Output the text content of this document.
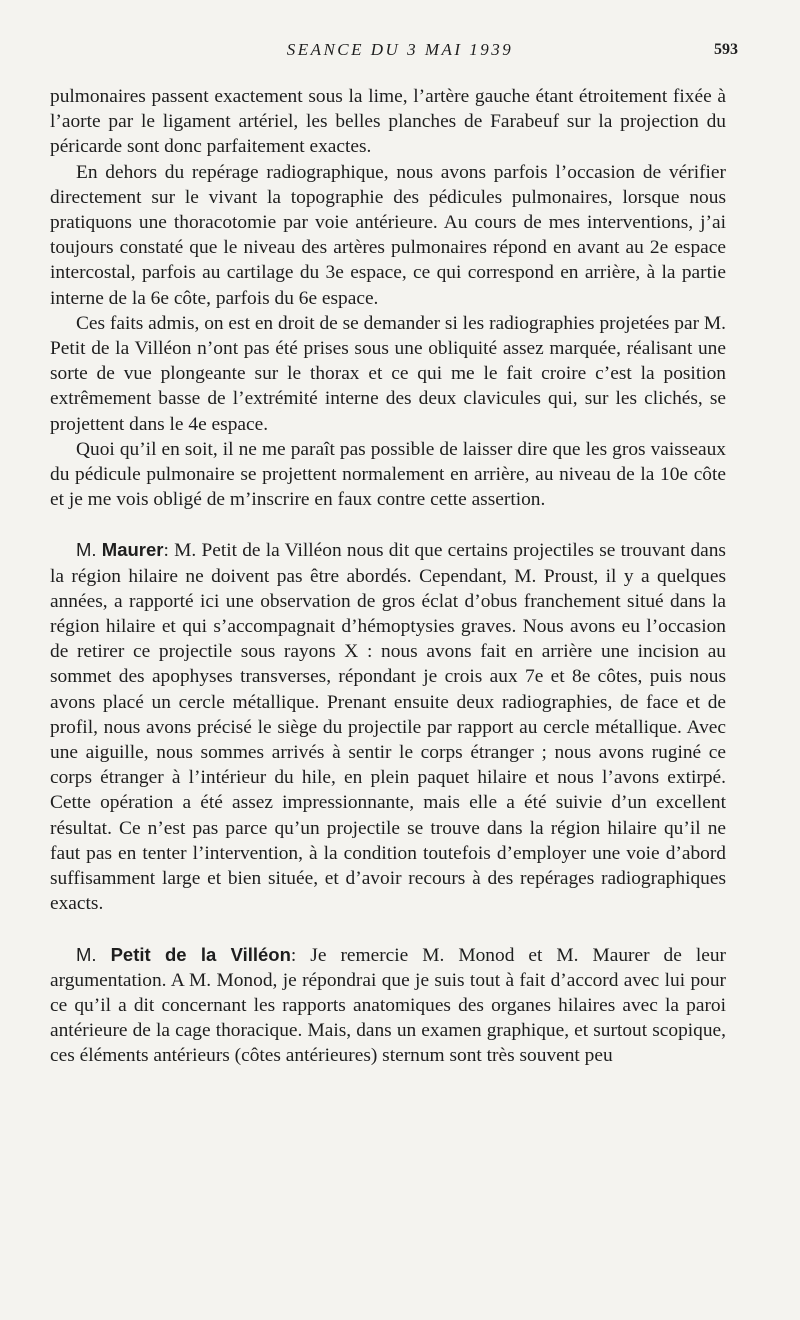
SEANCE DU 3 MAI 1939	593

pulmonaires passent exactement sous la lime, l’artère gauche étant étroitement fixée à l’aorte par le ligament artériel, les belles planches de Farabeuf sur la projection du péricarde sont donc parfaitement exactes.

En dehors du repérage radiographique, nous avons parfois l’occasion de vérifier directement sur le vivant la topographie des pédicules pulmonaires, lorsque nous pratiquons une thoracotomie par voie antérieure. Au cours de mes interventions, j’ai toujours constaté que le niveau des artères pulmonaires répond en avant au 2e espace intercostal, parfois au cartilage du 3e espace, ce qui correspond en arrière, à la partie interne de la 6e côte, parfois du 6e espace.

Ces faits admis, on est en droit de se demander si les radiographies projetées par M. Petit de la Villéon n’ont pas été prises sous une obliquité assez marquée, réalisant une sorte de vue plongeante sur le thorax et ce qui me le fait croire c’est la position extrêmement basse de l’extrémité interne des deux clavicules qui, sur les clichés, se projettent dans le 4e espace.

Quoi qu’il en soit, il ne me paraît pas possible de laisser dire que les gros vaisseaux du pédicule pulmonaire se projettent normalement en arrière, au niveau de la 10e côte et je me vois obligé de m’inscrire en faux contre cette assertion.

M. Maurer: M. Petit de la Villéon nous dit que certains projectiles se trouvant dans la région hilaire ne doivent pas être abordés. Cependant, M. Proust, il y a quelques années, a rapporté ici une observation de gros éclat d’obus franchement situé dans la région hilaire et qui s’accompagnait d’hémoptysies graves. Nous avons eu l’occasion de retirer ce projectile sous rayons X : nous avons fait en arrière une incision au sommet des apophyses transverses, répondant je crois aux 7e et 8e côtes, puis nous avons placé un cercle métallique. Prenant ensuite deux radiographies, de face et de profil, nous avons précisé le siège du projectile par rapport au cercle métallique. Avec une aiguille, nous sommes arrivés à sentir le corps étranger ; nous avons ruginé ce corps étranger à l’intérieur du hile, en plein paquet hilaire et nous l’avons extirpé. Cette opération a été assez impressionnante, mais elle a été suivie d’un excellent résultat. Ce n’est pas parce qu’un projectile se trouve dans la région hilaire qu’il ne faut pas en tenter l’intervention, à la condition toutefois d’employer une voie d’abord suffisamment large et bien située, et d’avoir recours à des repérages radiographiques exacts.

M. Petit de la Villéon: Je remercie M. Monod et M. Maurer de leur argumentation. A M. Monod, je répondrai que je suis tout à fait d’accord avec lui pour ce qu’il a dit concernant les rapports anatomiques des organes hilaires avec la paroi antérieure de la cage thoracique. Mais, dans un examen graphique, et surtout scopique, ces éléments antérieurs (côtes antérieures) sternum sont très souvent peu
